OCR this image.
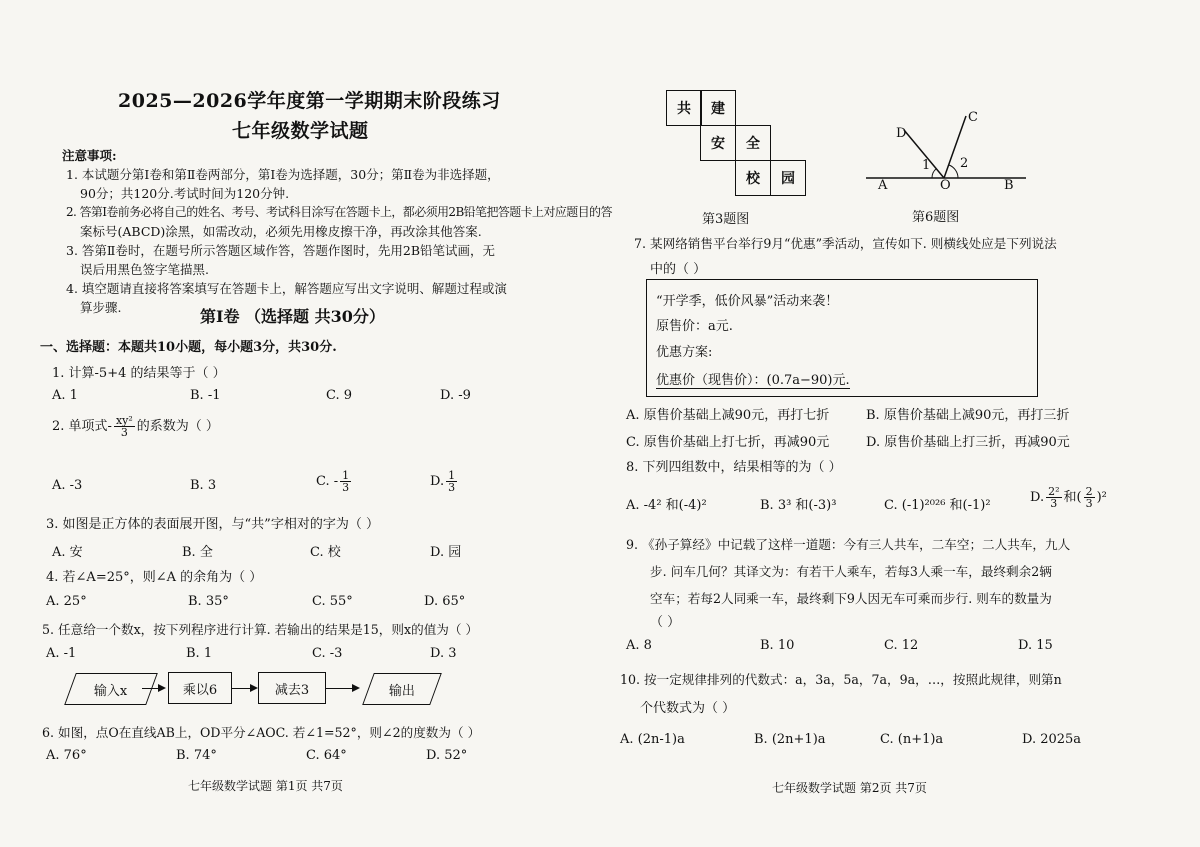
2025—2026学年度第一学期期末阶段练习
七年级数学试题
注意事项:
1. 本试题分第Ⅰ卷和第Ⅱ卷两部分，第Ⅰ卷为选择题，30分；第Ⅱ卷为非选择题，
90分；共120分.考试时间为120分钟.
2. 答第Ⅰ卷前务必将自己的姓名、考号、考试科目涂写在答题卡上，都必须用2B铅笔把答题卡上对应题目的答
案标号(ABCD)涂黑，如需改动，必须先用橡皮擦干净，再改涂其他答案.
3. 答第Ⅱ卷时，在题号所示答题区域作答，答题作图时，先用2B铅笔试画，无
误后用黑色签字笔描黑.
4. 填空题请直接将答案填写在答题卡上，解答题应写出文字说明、解题过程或演
算步骤.	第Ⅰ卷 （选择题 共30分）
一、选择题：本题共10小题，每小题3分，共30分.
1. 计算-5+4 的结果等于（ ）
A. 1	B. -1	C. 9	D. -9
2. 单项式- $\frac{\text{xy²}}{3}$ 的系数为（ ）
A. -3	B. 3	C. - $\frac{1}{3}$	D. $\frac{1}{3}$
3. 如图是正方体的表面展开图，与“共”字相对的字为（ ）
A. 安	B. 全	C. 校	D. 园
4. 若∠A=25°，则∠A 的余角为（ ）
A. 25°	B. 35°	C. 55°	D. 65°
5. 任意给一个数x，按下列程序进行计算. 若输出的结果是15，则x的值为（ ）
A. -1	B. 1	C. -3	D. 3
输入x	乘以6	减去3	输出
6. 如图，点O在直线AB上，OD平分∠AOC. 若∠1=52°，则∠2的度数为（ ）
A. 76°	B. 74°	C. 64°	D. 52°
七年级数学试题 第1页 共7页
共	建
安	全
校	园
第3题图
D
C
1 2
A	O	B
第6题图
7. 某网络销售平台举行9月“优惠”季活动，宣传如下. 则横线处应是下列说法
中的（ ）
“开学季，低价风暴”活动来袭！
原售价：a元.
优惠方案:
优惠价（现售价）：(0.7a−90)元.
A. 原售价基础上减90元，再打七折	B. 原售价基础上减90元，再打三折
C. 原售价基础上打七折，再减90元	D. 原售价基础上打三折，再减90元
8. 下列四组数中，结果相等的为（ ）
A. -4² 和(-4)²	B. 3³ 和(-3)³	C. (-1)²⁰²⁶ 和(-1)²
D. $\frac{\text{2²}}{3}$ 和( $\frac{2}{3} )^2$
9. 《孙子算经》中记载了这样一道题：今有三人共车，二车空；二人共车，九人
步. 问车几何？其译文为：有若干人乘车，若每3人乘一车，最终剩余2辆
空车；若每2人同乘一车，最终剩下9人因无车可乘而步行. 则车的数量为
（ ）
A. 8	B. 10	C. 12	D. 15
10. 按一定规律排列的代数式：a，3a，5a，7a，9a，…，按照此规律，则第n
个代数式为（ ）
A. (2n-1)a	B. (2n+1)a	C. (n+1)a	D. 2025a
七年级数学试题 第2页 共7页
